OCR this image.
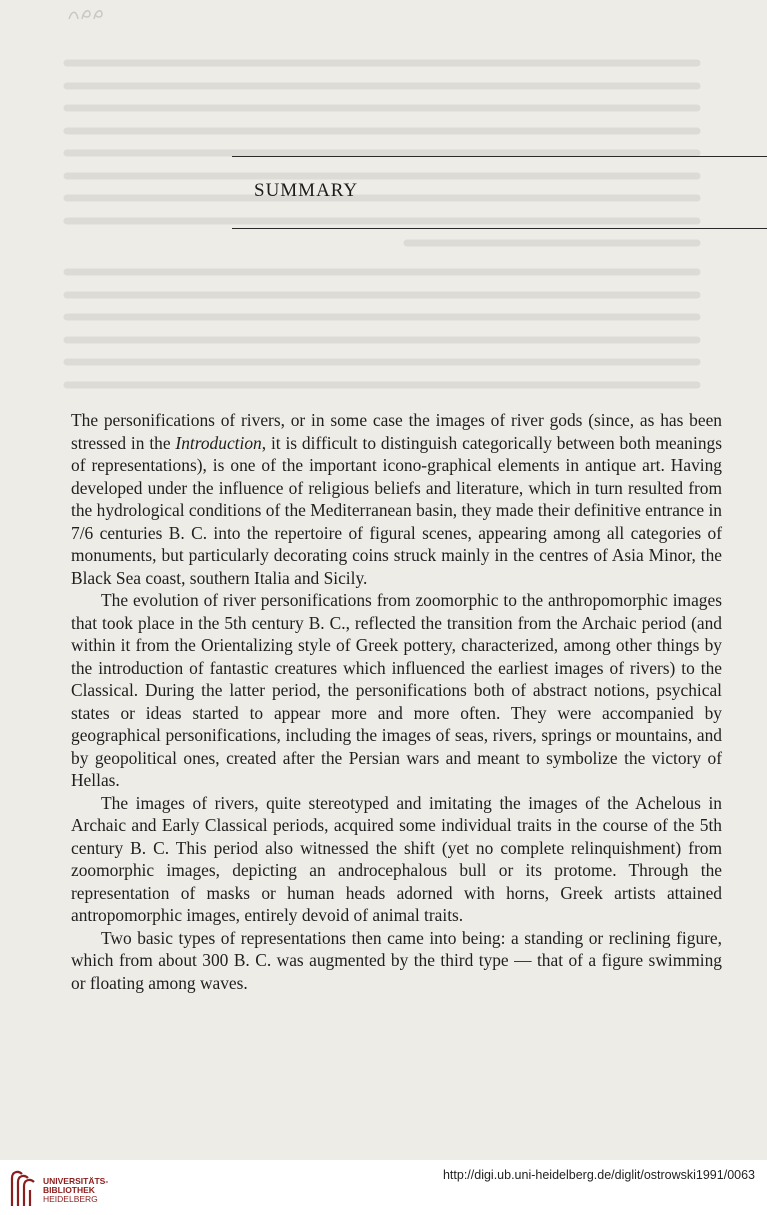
SUMMARY

The personifications of rivers, or in some case the images of river gods (since, as has been stressed in the Introduction, it is difficult to distinguish categorically between both meanings of representations), is one of the important icono-graphical elements in antique art. Having developed under the influence of religious beliefs and literature, which in turn resulted from the hydrological conditions of the Mediterranean basin, they made their definitive entrance in 7/6 centuries B. C. into the repertoire of figural scenes, appearing among all categories of monuments, but particularly decorating coins struck mainly in the centres of Asia Minor, the Black Sea coast, southern Italia and Sicily.

The evolution of river personifications from zoomorphic to the anthropomorphic images that took place in the 5th century B. C., reflected the transition from the Archaic period (and within it from the Orientalizing style of Greek pottery, characterized, among other things by the introduction of fantastic creatures which influenced the earliest images of rivers) to the Classical. During the latter period, the personifications both of abstract notions, psychical states or ideas started to appear more and more often. They were accompanied by geographical personifications, including the images of seas, rivers, springs or mountains, and by geopolitical ones, created after the Persian wars and meant to symbolize the victory of Hellas.

The images of rivers, quite stereotyped and imitating the images of the Achelous in Archaic and Early Classical periods, acquired some individual traits in the course of the 5th century B. C. This period also witnessed the shift (yet no complete relinquishment) from zoomorphic images, depicting an androcephalous bull or its protome. Through the representation of masks or human heads adorned with horns, Greek artists attained antropomorphic images, entirely devoid of animal traits.

Two basic types of representations then came into being: a standing or reclining figure, which from about 300 B. C. was augmented by the third type — that of a figure swimming or floating among waves.

UNIVERSITÄTS-
BIBLIOTHEK
HEIDELBERG
http://digi.ub.uni-heidelberg.de/diglit/ostrowski1991/0063
